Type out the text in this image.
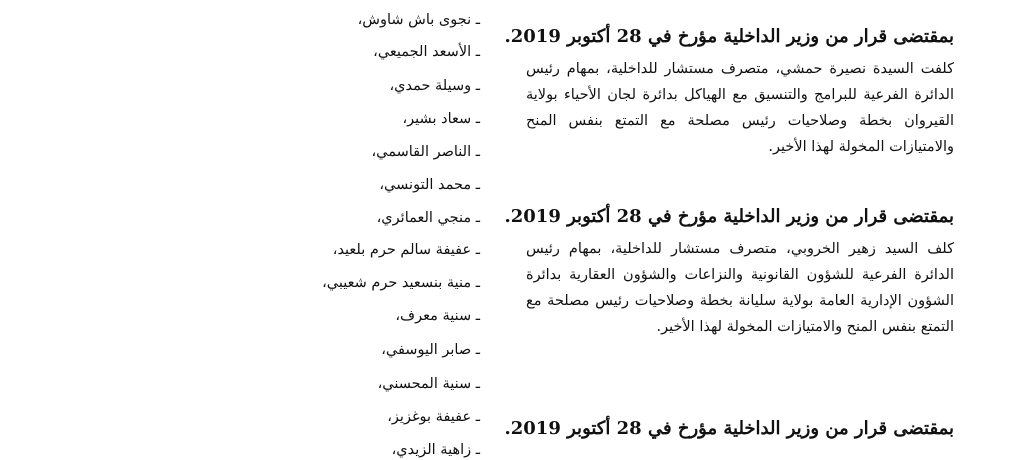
بمقتضى قرار من وزير الداخلية مؤرخ في 28 أكتوبر 2019.
كلفت السيدة نصيرة حمشي، متصرف مستشار للداخلية، بمهام رئيس الدائرة الفرعية للبرامج والتنسيق مع الهياكل بدائرة لجان الأحياء بولاية القيروان بخطة وصلاحيات رئيس مصلحة مع التمتع بنفس المنح والامتيازات المخولة لهذا الأخير.
بمقتضى قرار من وزير الداخلية مؤرخ في 28 أكتوبر 2019.
كلف السيد زهير الخروبي، متصرف مستشار للداخلية، بمهام رئيس الدائرة الفرعية للشؤون القانونية والنزاعات والشؤون العقارية بدائرة الشؤون الإدارية العامة بولاية سليانة بخطة وصلاحيات رئيس مصلحة مع التمتع بنفس المنح والامتيازات المخولة لهذا الأخير.
بمقتضى قرار من وزير الداخلية مؤرخ في 28 أكتوبر 2019.
ـ نجوى باش شاوش،
ـ الأسعد الجميعي،
ـ وسيلة حمدي،
ـ سعاد بشير،
ـ الناصر القاسمي،
ـ محمد التونسي،
ـ منجي العمائري،
ـ عفيفة سالم حرم بلعيد،
ـ منية بنسعيد حرم شعيبي،
ـ سنية معرف،
ـ صابر اليوسفي،
ـ سنية المحسني،
ـ عفيفة بوغزيز،
ـ زاهية الزيدي،
